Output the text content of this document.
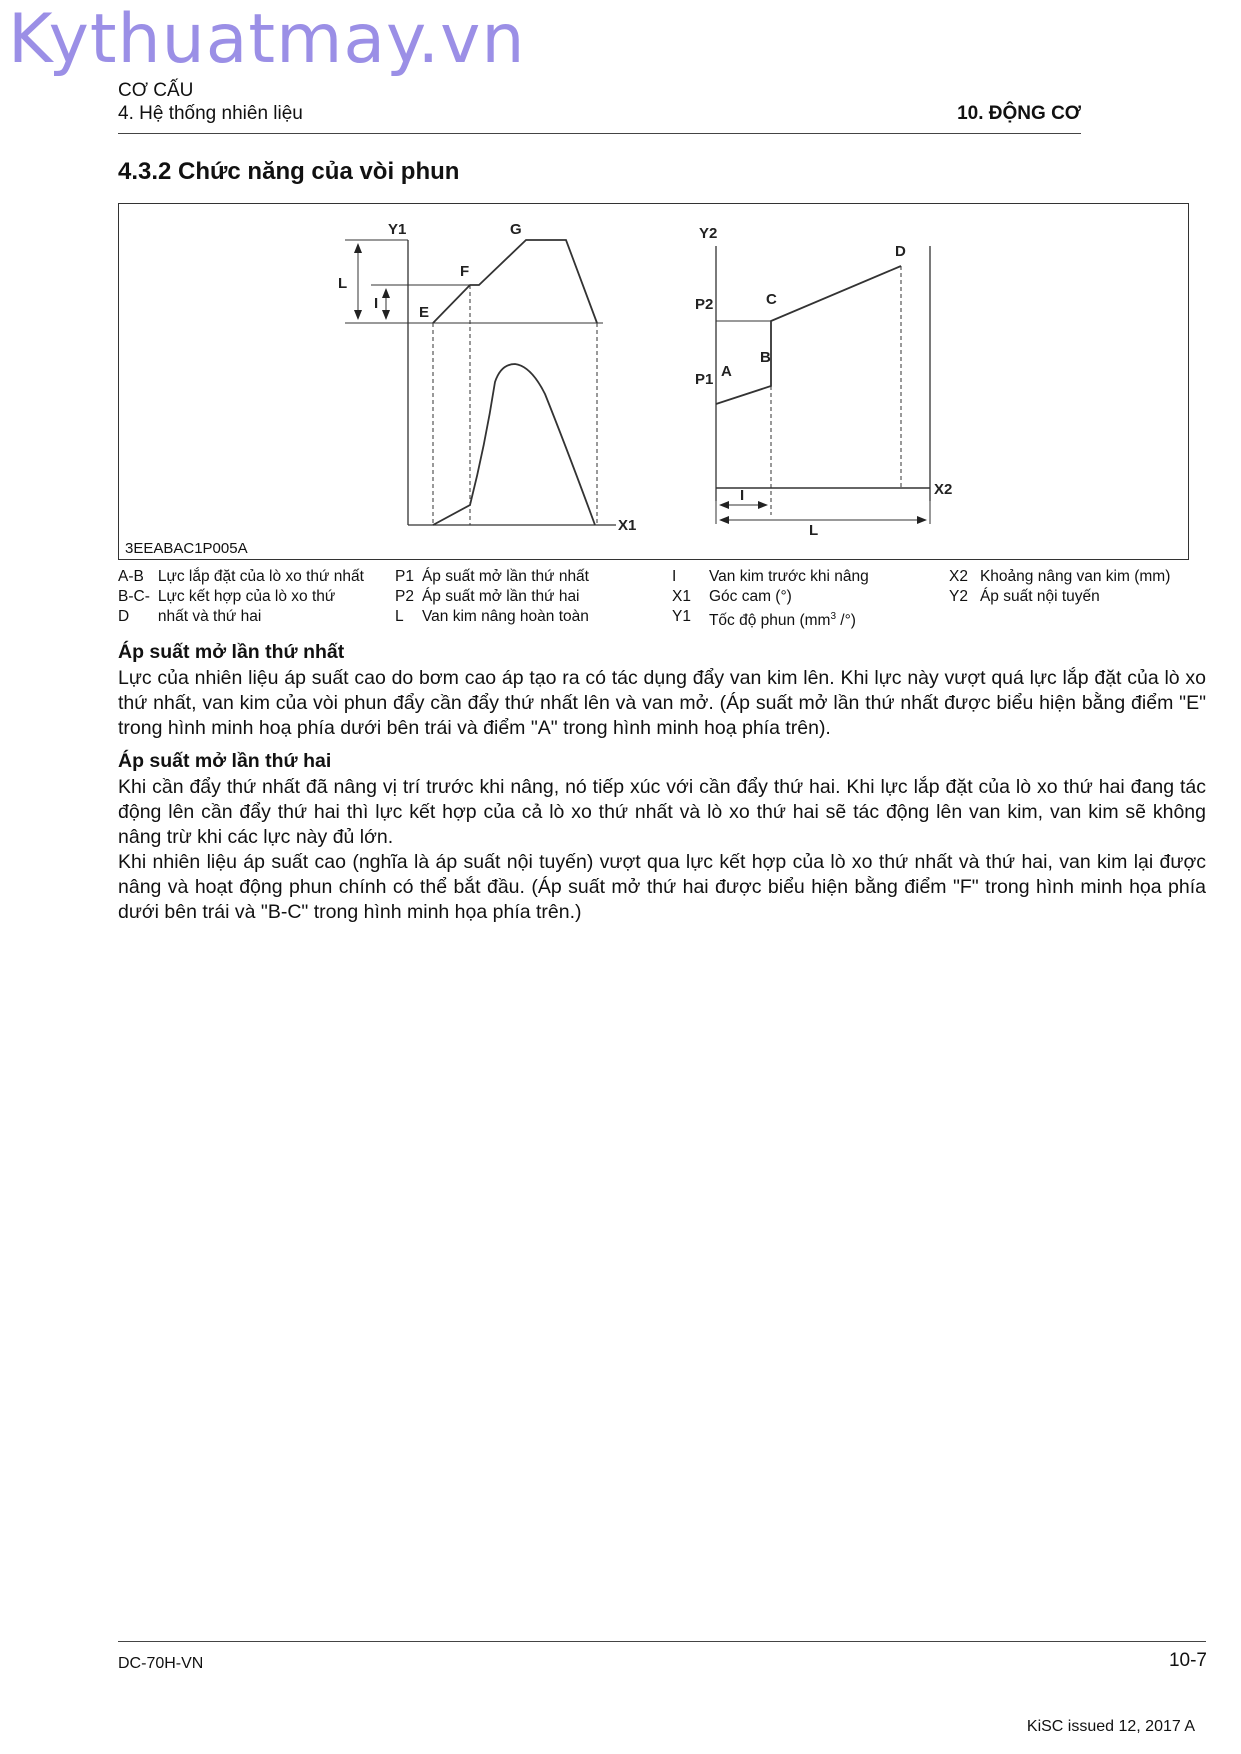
Kythuatmay.vn
CƠ CẤU
4. Hệ thống nhiên liệu	10. ĐỘNG CƠ
4.3.2 Chức năng của vòi phun
Y1
X1
G
F
E
L
I
Y2
X2
P2
P1 A
B
C
D
I
L
3EEABAC1P005A
A-B	Lực lắp đặt của lò xo thứ nhất
B-C-	Lực kết hợp của lò xo thứ
D	nhất và thứ hai
P1	Áp suất mở lần thứ nhất
P2	Áp suất mở lần thứ hai
L	Van kim nâng hoàn toàn
I	Van kim trước khi nâng
X1	Góc cam (°)
Y1	Tốc độ phun ($mm^3$ /°)
X2	Khoảng nâng van kim (mm)
Y2	Áp suất nội tuyến
Áp suất mở lần thứ nhất

Lực của nhiên liệu áp suất cao do bơm cao áp tạo ra có tác dụng đẩy van kim lên. Khi lực này vượt quá lực lắp đặt của lò xo thứ nhất, van kim của vòi phun đẩy cần đẩy thứ nhất lên và van mở. (Áp suất mở lần thứ nhất được biểu hiện bằng điểm "E" trong hình minh hoạ phía dưới bên trái và điểm "A" trong hình minh hoạ phía trên).

Áp suất mở lần thứ hai

Khi cần đẩy thứ nhất đã nâng vị trí trước khi nâng, nó tiếp xúc với cần đẩy thứ hai. Khi lực lắp đặt của lò xo thứ hai đang tác động lên cần đẩy thứ hai thì lực kết hợp của cả lò xo thứ nhất và lò xo thứ hai sẽ tác động lên van kim, van kim sẽ không nâng trừ khi các lực này đủ lớn.

Khi nhiên liệu áp suất cao (nghĩa là áp suất nội tuyến) vượt qua lực kết hợp của lò xo thứ nhất và thứ hai, van kim lại được nâng và hoạt động phun chính có thể bắt đầu. (Áp suất mở thứ hai được biểu hiện bằng điểm "F" trong hình minh họa phía dưới bên trái và "B-C" trong hình minh họa phía trên.)

DC-70H-VN	10-7
KiSC issued 12, 2017 A
